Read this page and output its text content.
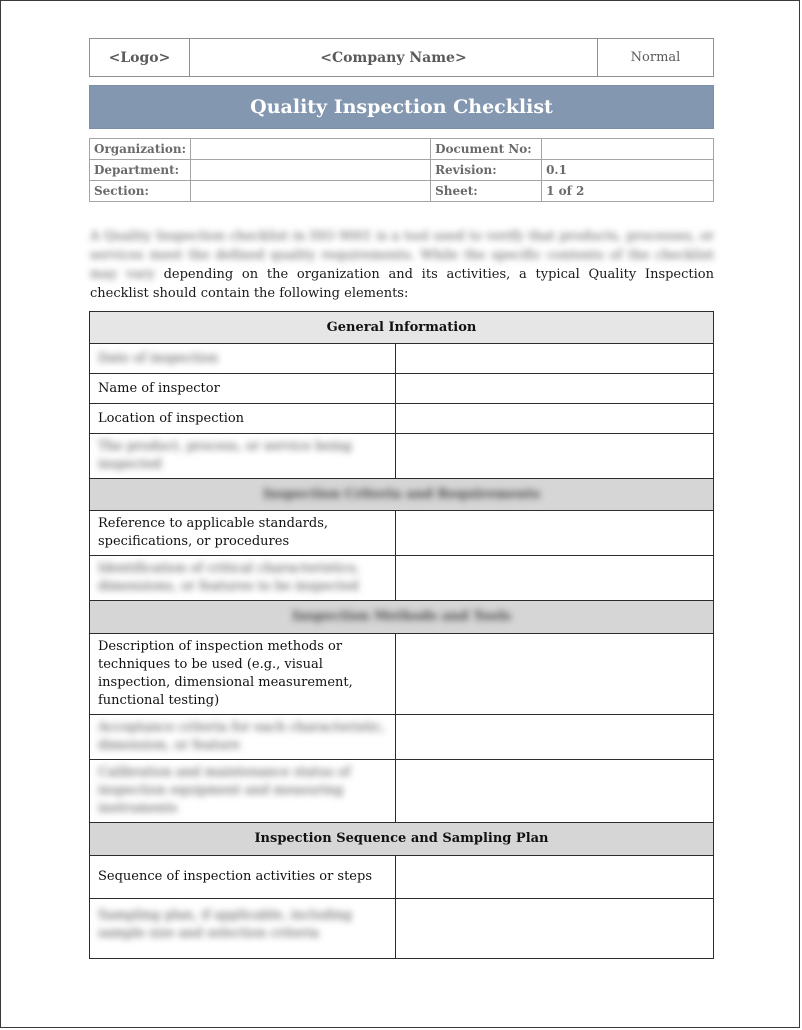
<Logo>	<Company Name>	Normal
Quality Inspection Checklist
Organization:		Document No:	
Department:		Revision:	0.1
Section:		Sheet:	1 of 2
A Quality Inspection checklist in ISO 9001 is a tool used to verify that products, processes, or services meet the defined quality requirements. While the specific contents of the checklist may vary depending on the organization and its activities, a typical Quality Inspection checklist should contain the following elements:
General Information	
Date of inspection	
Name of inspector	
Location of inspection	
The product, process, or service being inspected	
Inspection Criteria and Requirements	
Reference to applicable standards, specifications, or procedures	
Identification of critical characteristics, dimensions, or features to be inspected	
Inspection Methods and Tools	
Description of inspection methods or techniques to be used (e.g., visual inspection, dimensional measurement, functional testing)	
Acceptance criteria for each characteristic, dimension, or feature	
Calibration and maintenance status of inspection equipment and measuring instruments	
Inspection Sequence and Sampling Plan	
Sequence of inspection activities or steps	
Sampling plan, if applicable, including sample size and selection criteria	
